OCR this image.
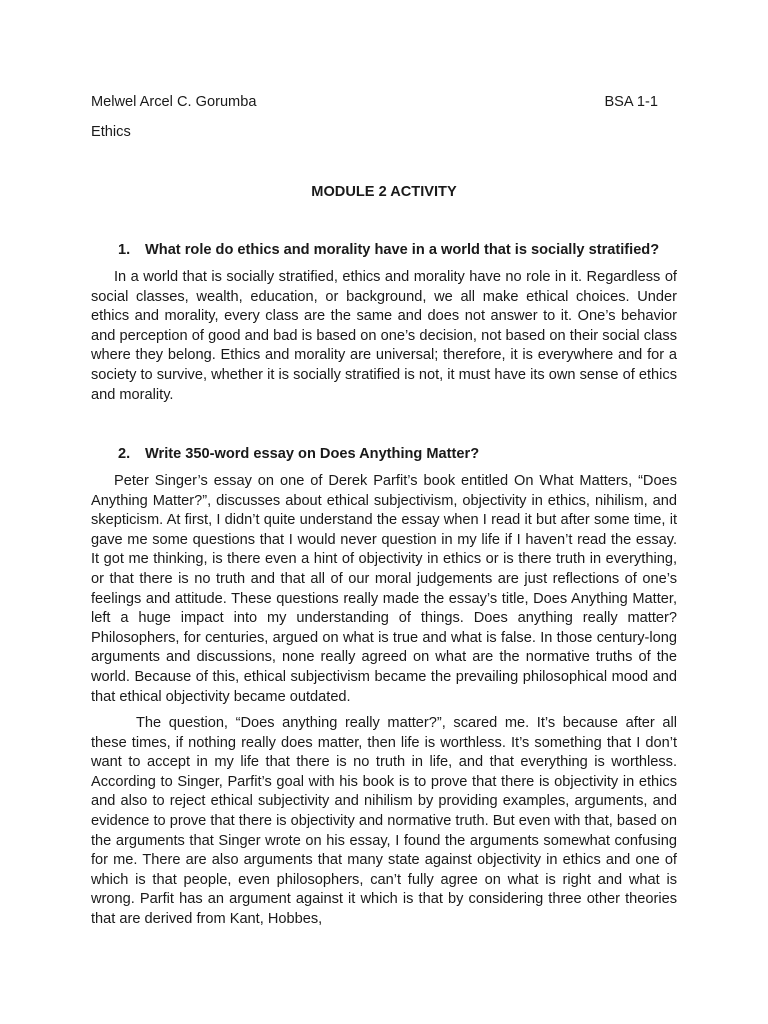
Melwel Arcel C. Gorumba	BSA 1-1
Ethics
MODULE 2 ACTIVITY
1.	What role do ethics and morality have in a world that is socially stratified?

In a world that is socially stratified, ethics and morality have no role in it. Regardless of social classes, wealth, education, or background, we all make ethical choices. Under ethics and morality, every class are the same and does not answer to it. One’s behavior and perception of good and bad is based on one’s decision, not based on their social class where they belong. Ethics and morality are universal; therefore, it is everywhere and for a society to survive, whether it is socially stratified is not, it must have its own sense of ethics and morality.

2.	Write 350-word essay on Does Anything Matter?

Peter Singer’s essay on one of Derek Parfit’s book entitled On What Matters, “Does Anything Matter?”, discusses about ethical subjectivism, objectivity in ethics, nihilism, and skepticism. At first, I didn’t quite understand the essay when I read it but after some time, it gave me some questions that I would never question in my life if I haven’t read the essay. It got me thinking, is there even a hint of objectivity in ethics or is there truth in everything, or that there is no truth and that all of our moral judgements are just reflections of one’s feelings and attitude. These questions really made the essay’s title, Does Anything Matter, left a huge impact into my understanding of things. Does anything really matter? Philosophers, for centuries, argued on what is true and what is false. In those century-long arguments and discussions, none really agreed on what are the normative truths of the world. Because of this, ethical subjectivism became the prevailing philosophical mood and that ethical objectivity became outdated.

The question, “Does anything really matter?”, scared me. It’s because after all these times, if nothing really does matter, then life is worthless. It’s something that I don’t want to accept in my life that there is no truth in life, and that everything is worthless. According to Singer, Parfit’s goal with his book is to prove that there is objectivity in ethics and also to reject ethical subjectivity and nihilism by providing examples, arguments, and evidence to prove that there is objectivity and normative truth. But even with that, based on the arguments that Singer wrote on his essay, I found the arguments somewhat confusing for me. There are also arguments that many state against objectivity in ethics and one of which is that people, even philosophers, can’t fully agree on what is right and what is wrong. Parfit has an argument against it which is that by considering three other theories that are derived from Kant, Hobbes,
